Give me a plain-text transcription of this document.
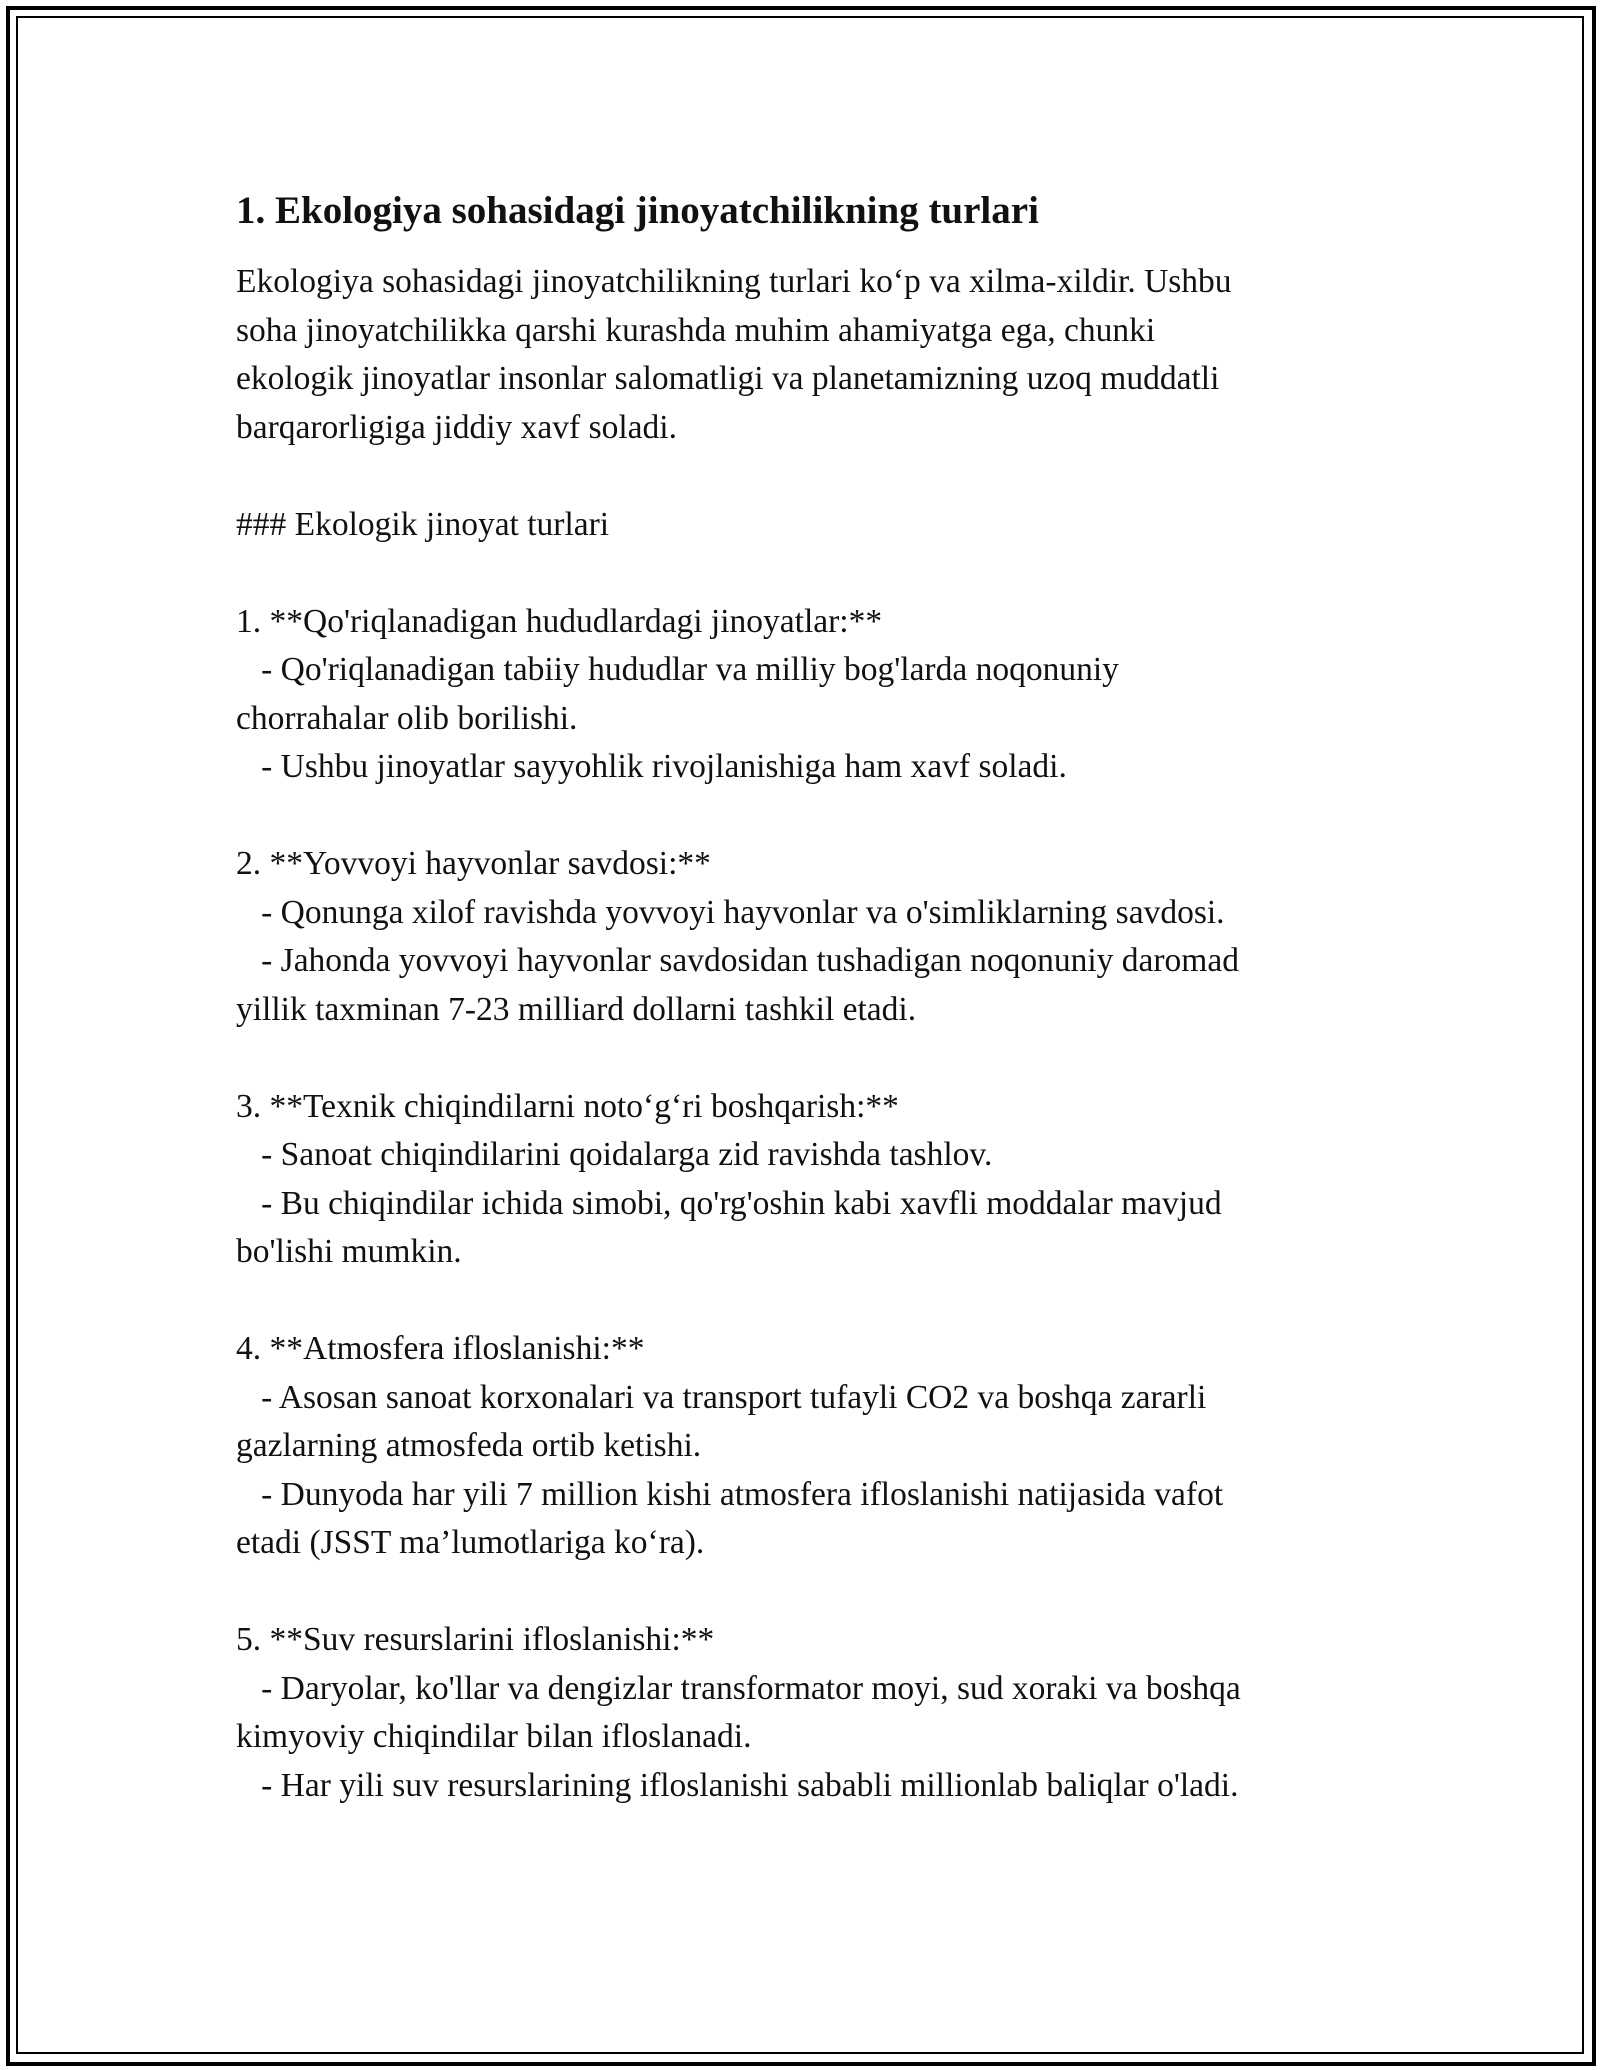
1. Ekologiya sohasidagi jinoyatchilikning turlari
Ekologiya sohasidagi jinoyatchilikning turlari ko‘p va xilma-xildir. Ushbu
soha jinoyatchilikka qarshi kurashda muhim ahamiyatga ega, chunki
ekologik jinoyatlar insonlar salomatligi va planetamizning uzoq muddatli
barqarorligiga jiddiy xavf soladi.
### Ekologik jinoyat turlari
1. **Qo'riqlanadigan hududlardagi jinoyatlar:**
- Qo'riqlanadigan tabiiy hududlar va milliy bog'larda noqonuniy
chorrahalar olib borilishi.
- Ushbu jinoyatlar sayyohlik rivojlanishiga ham xavf soladi.
2. **Yovvoyi hayvonlar savdosi:**
- Qonunga xilof ravishda yovvoyi hayvonlar va o'simliklarning savdosi.
- Jahonda yovvoyi hayvonlar savdosidan tushadigan noqonuniy daromad
yillik taxminan 7-23 milliard dollarni tashkil etadi.
3. **Texnik chiqindilarni noto‘g‘ri boshqarish:**
- Sanoat chiqindilarini qoidalarga zid ravishda tashlov.
- Bu chiqindilar ichida simobi, qo'rg'oshin kabi xavfli moddalar mavjud
bo'lishi mumkin.
4. **Atmosfera ifloslanishi:**
- Asosan sanoat korxonalari va transport tufayli CO2 va boshqa zararli
gazlarning atmosfeda ortib ketishi.
- Dunyoda har yili 7 million kishi atmosfera ifloslanishi natijasida vafot
etadi (JSST ma’lumotlariga ko‘ra).
5. **Suv resurslarini ifloslanishi:**
- Daryolar, ko'llar va dengizlar transformator moyi, sud xoraki va boshqa
kimyoviy chiqindilar bilan ifloslanadi.
- Har yili suv resurslarining ifloslanishi sababli millionlab baliqlar o'ladi.
